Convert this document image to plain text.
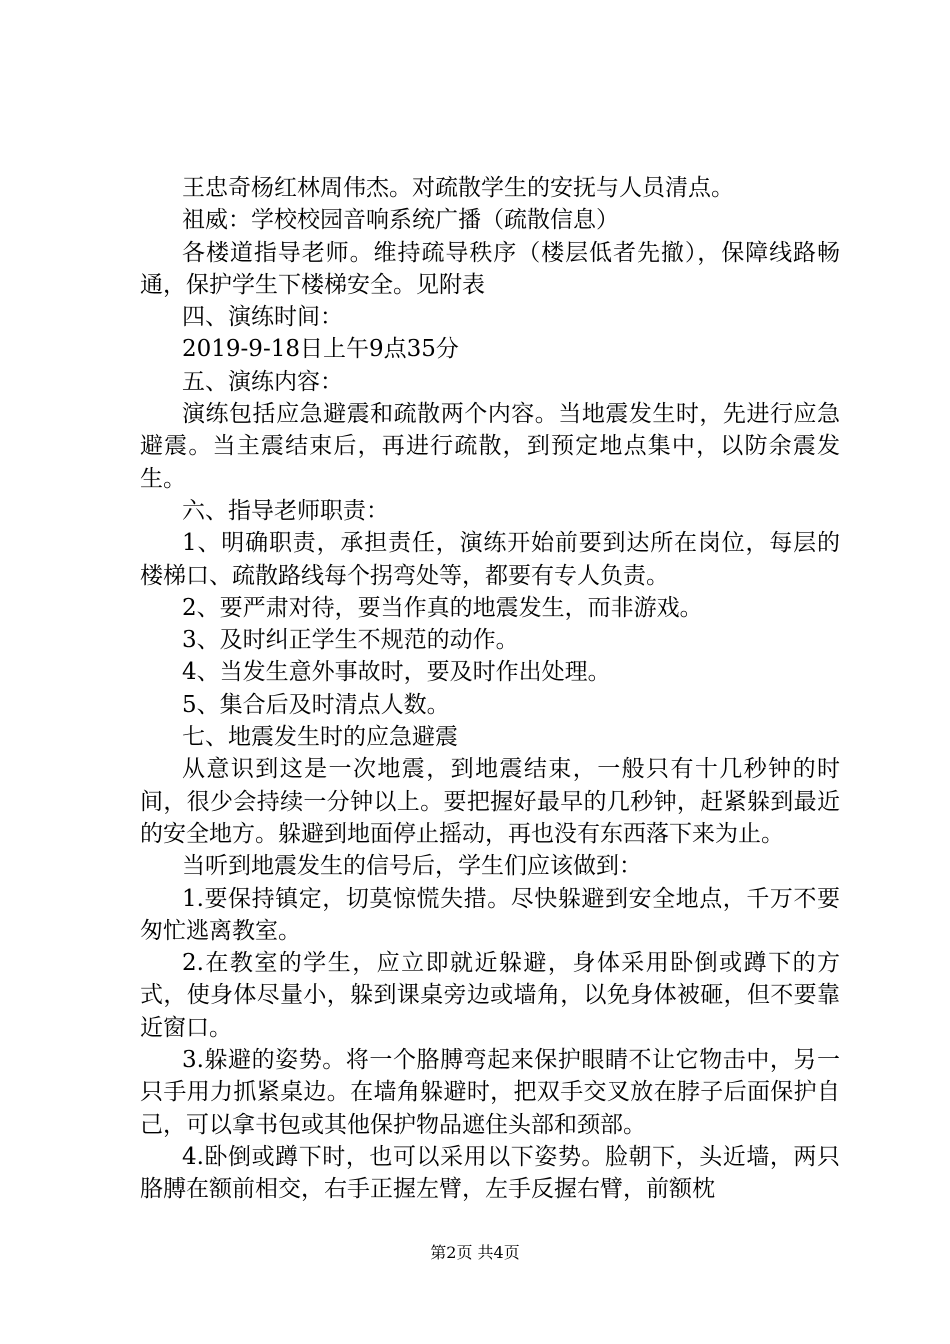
王忠奇杨红林周伟杰。对疏散学生的安抚与人员清点。

祖威：学校校园音响系统广播（疏散信息）

各楼道指导老师。维持疏导秩序（楼层低者先撤），保障线路畅通，保护学生下楼梯安全。见附表

四、演练时间：

2019-9-18日上午9点35分

五、演练内容：

演练包括应急避震和疏散两个内容。当地震发生时，先进行应急避震。当主震结束后，再进行疏散，到预定地点集中，以防余震发生。

六、指导老师职责：

1、明确职责，承担责任，演练开始前要到达所在岗位，每层的楼梯口、疏散路线每个拐弯处等，都要有专人负责。

2、要严肃对待，要当作真的地震发生，而非游戏。

3、及时纠正学生不规范的动作。

4、当发生意外事故时，要及时作出处理。

5、集合后及时清点人数。

七、地震发生时的应急避震

从意识到这是一次地震，到地震结束，一般只有十几秒钟的时间，很少会持续一分钟以上。要把握好最早的几秒钟，赶紧躲到最近的安全地方。躲避到地面停止摇动，再也没有东西落下来为止。

当听到地震发生的信号后，学生们应该做到：

1.要保持镇定，切莫惊慌失措。尽快躲避到安全地点，千万不要匆忙逃离教室。

2.在教室的学生，应立即就近躲避，身体采用卧倒或蹲下的方式，使身体尽量小，躲到课桌旁边或墙角，以免身体被砸，但不要靠近窗口。

3.躲避的姿势。将一个胳膊弯起来保护眼睛不让它物击中，另一只手用力抓紧桌边。在墙角躲避时，把双手交叉放在脖子后面保护自己，可以拿书包或其他保护物品遮住头部和颈部。

4.卧倒或蹲下时，也可以采用以下姿势。脸朝下，头近墙，两只胳膊在额前相交，右手正握左臂，左手反握右臂，前额枕

第2页 共4页
